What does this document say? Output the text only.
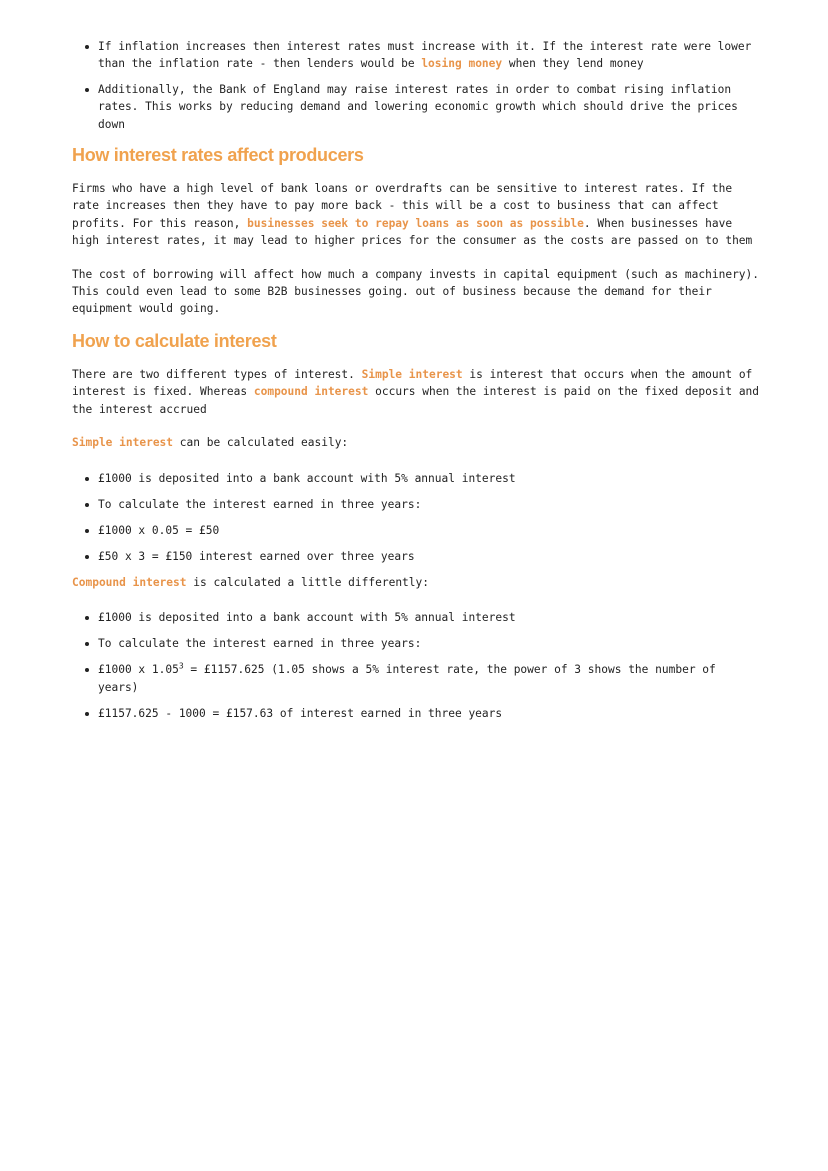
If inflation increases then interest rates must increase with it. If the interest rate were lower than the inflation rate - then lenders would be losing money when they lend money
Additionally, the Bank of England may raise interest rates in order to combat rising inflation rates. This works by reducing demand and lowering economic growth which should drive the prices down
How interest rates affect producers

Firms who have a high level of bank loans or overdrafts can be sensitive to interest rates. If the rate increases then they have to pay more back - this will be a cost to business that can affect profits. For this reason, businesses seek to repay loans as soon as possible. When businesses have high interest rates, it may lead to higher prices for the consumer as the costs are passed on to them

The cost of borrowing will affect how much a company invests in capital equipment (such as machinery). This could even lead to some B2B businesses going. out of business because the demand for their equipment would going.

How to calculate interest

There are two different types of interest. Simple interest is interest that occurs when the amount of interest is fixed. Whereas compound interest occurs when the interest is paid on the fixed deposit and the interest accrued

Simple interest can be calculated easily:

£1000 is deposited into a bank account with 5% annual interest
To calculate the interest earned in three years:
£1000 x 0.05 = £50
£50 x 3 = £150 interest earned over three years

Compound interest is calculated a little differently:

£1000 is deposited into a bank account with 5% annual interest
To calculate the interest earned in three years:
£1000 x $1.05^3$ = £1157.625 (1.05 shows a 5% interest rate, the power of 3 shows the number of years)
£1157.625 - 1000 = £157.63 of interest earned in three years
